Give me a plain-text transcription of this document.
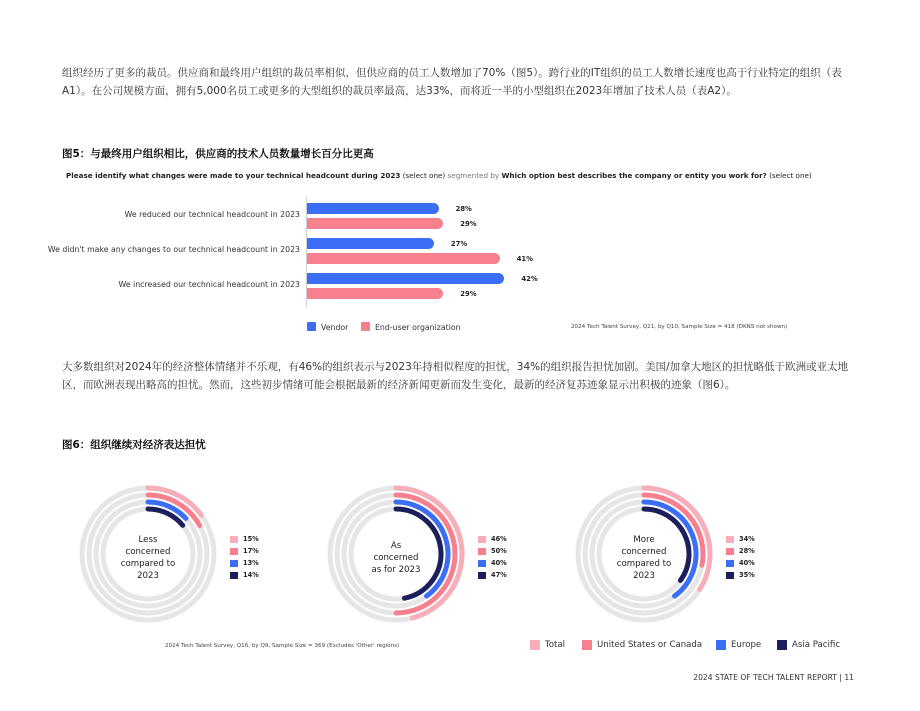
组织经历了更多的裁员。供应商和最终用户组织的裁员率相似，但供应商的员工人数增加了70%（图5）。跨行业的IT组织的员工人数增长速度也高于行业特定的组织（表A1）。在公司规模方面，拥有5,000名员工或更多的大型组织的裁员率最高，达33%，而将近一半的小型组织在2023年增加了技术人员（表A2）。

图5：与最终用户组织相比，供应商的技术人员数量增长百分比更高
Please identify what changes were made to your technical headcount during 2023 (select one) segmented by Which option best describes the company or entity you work for? (select one)
We reduced our technical headcount in 2023
28%
29%
We didn't make any changes to our technical headcount in 2023
27%
41%
We increased our technical headcount in 2023
42%
29%
Vendor	End-user organization	2024 Tech Talent Survey, Q21, by Q10, Sample Size = 418 (DKNS not shown)

大多数组织对2024年的经济整体情绪并不乐观，有46%的组织表示与2023年持相似程度的担忧，34%的组织报告担忧加剧。美国/加拿大地区的担忧略低于欧洲或亚太地区，而欧洲表现出略高的担忧。然而，这些初步情绪可能会根据最新的经济新闻更新而发生变化，最新的经济复苏迹象显示出积极的迹象（图6）。

图6：组织继续对经济表达担忧
Less
concerned
compared to
2023
As
concerned
as for 2023
More
concerned
compared to
2023
15%
17%
13%
14%
46%
50%
40%
47%
34%
28%
40%
35%
2024 Tech Talent Survey, Q16, by Q9, Sample Size = 369 (Excludes 'Other' regions)	Total	United States or Canada	Europe	Asia Pacific
2024 STATE OF TECH TALENT REPORT | 11
